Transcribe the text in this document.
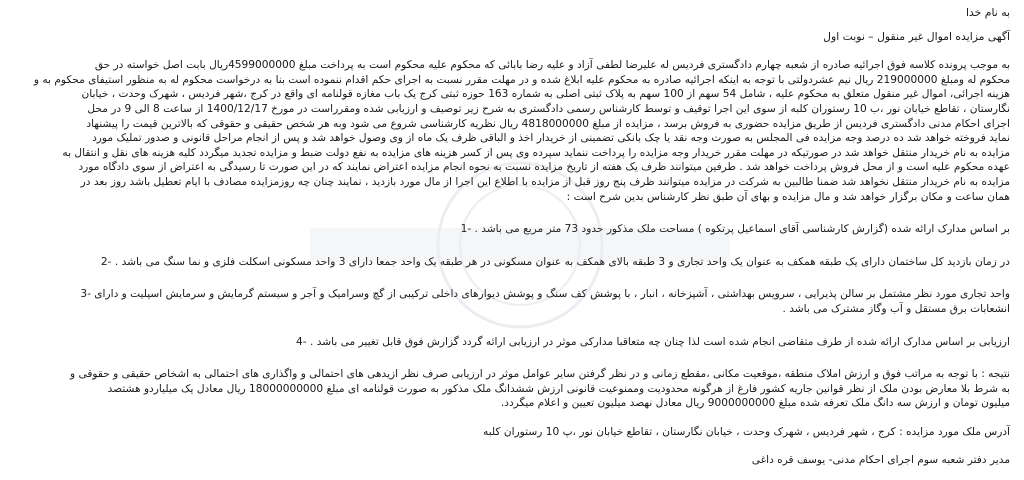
به نام خدا

آگهی مزایده اموال غیر منقول – نوبت اول

به موجب پرونده کلاسه فوق اجرائیه صادره از شعبه چهارم دادگستری فردیس له علیرضا لطفی آزاد و علیه رضا بابائی که محکوم علیه محکوم است به پرداخت مبلغ 4599000000ریال بابت اصل خواسته در حق

محکوم له ومبلغ 219000000 ریال نیم عشردولتی با توجه به اینکه اجرائیه صادره به محکوم علیه ابلاغ شده و در مهلت مقرر نسبت به اجرای حکم اقدام ننموده است بنا به درخواست محکوم له به منظور استیفای محکوم به و

هزینه اجرائی، اموال غیر منقول متعلق به محکوم علیه ، شامل 54 سهم از 100 سهم به پلاک ثبتی اصلی به شماره 163 حوزه ثبتی کرج یک باب مغازه قولنامه ای واقع در کرج ،شهر فردیس ، شهرک وحدت ، خیابان

نگارستان ، تقاطع خیابان نور ،ب 10 رستوران کلبه از سوی این اجرا توقیف و توسط کارشناس رسمی دادگستری به شرح زیر توصیف و ارزیابی شده ومقرراست در مورخ 1400/12/17 از ساعت 8 الی 9 در محل

اجرای احکام مدنی دادگستری فردیس از طریق مزایده حضوری به فروش برسد ، مزایده از مبلغ 4818000000 ریال نظریه کارشناسی شروع می شود وبه هر شخص حقیقی و حقوقی که بالاترین قیمت را پیشنهاد

نماید فروخته خواهد شد ده درصد وجه مزایده فی المجلس به صورت وجه نقد یا چک بانکی تضمینی از خریدار اخذ و الباقی ظرف یک ماه از وی وصول خواهد شد و پس از انجام مراحل قانونی و صدور تملیک مورد

مزایده به نام خریدار منتقل خواهد شد در صورتیکه در مهلت مقرر خریدار وجه مزایده را پرداخت ننماید سپرده وی پس از کسر هزینه های مزایده به نفع دولت ضبط و مزایده تجدید میگردد کلیه هزینه های نقل و انتقال به

عهده محکوم علیه است و از محل فروش پرداخت خواهد شد . طرفین میتوانند ظرف یک هفته از تاریخ مزایده نسبت به نحوه انجام مزایده اعتراض نمایند که در این صورت تا رسیدگی به اعتراض از سوی دادگاه مورد

مزایده به نام خریدار منتقل نخواهد شد ضمنا طالبین به شرکت در مزایده میتوانند ظرف پنج روز قبل از مزایده با اطلاع این اجرا از مال مورد بازدید ، نمایند چنان چه روزمزایده مصادف با ایام تعطیل باشد روز بعد در

همان ساعت و مکان برگزار خواهد شد و مال مزایده و بهای آن طبق نظر کارشناس بدین شرح است :

بر اساس مدارک ارائه شده (گزارش کارشناسی آقای اسماعیل پرتکوه ) مساحت ملک مذکور حدود 73 متر مربع می باشد . -1

در زمان بازدید کل ساختمان دارای یک طبقه همکف به عنوان یک واحد تجاری و 3 طبقه بالای همکف به عنوان مسکونی در هر طبقه یک واحد جمعا دارای 3 واحد مسکونی اسکلت فلزی و نما سنگ می باشد . -2

واحد تجاری مورد نظر مشتمل بر سالن پذیرایی ، سرویس بهداشتی ، آشپزخانه ، انبار ، با پوشش کف سنگ و پوشش دیوارهای داخلی ترکیبی از گچ وسرامیک و آجر و سیستم گرمایش و سرمایش اسپلیت و دارای -3

انشعابات برق مستقل و آب وگاز مشترک می باشد .

ارزیابی بر اساس مدارک ارائه شده از طرف متقاضی انجام شده است لذا چنان چه متعاقبا مدارکی موثر در ارزیابی ارائه گردد گزارش فوق قابل تغییر می باشد . -4

نتیجه : با توجه به مراتب فوق و ارزش املاک منطقه ،موقعیت مکانی ،مقطع زمانی و در نظر گرفتن سایر عوامل موثر در ارزیابی صرف نظر ازیدهی های احتمالی و واگذاری های احتمالی به اشخاص حقیقی و حقوقی و

به شرط بلا معارض بودن ملک از نظر قوانین جاریه کشور فارغ از هرگونه محدودیت وممنوعیت قانونی ارزش ششدانگ ملک مذکور به صورت قولنامه ای مبلغ 18000000000 ریال معادل یک میلیاردو هشتصد

میلیون تومان و ارزش سه دانگ ملک تعرفه شده مبلغ 9000000000 ریال معادل نهصد میلیون تعیین و اعلام میگردد.

آدرس ملک مورد مزایده : کرج ، شهر فردیس ، شهرک وحدت ، خیابان نگارستان ، تقاطع خیابان نور ،پ 10 رستوران کلبه

مدیر دفتر شعبه سوم اجرای احکام مدنی- یوسف قره داغی
